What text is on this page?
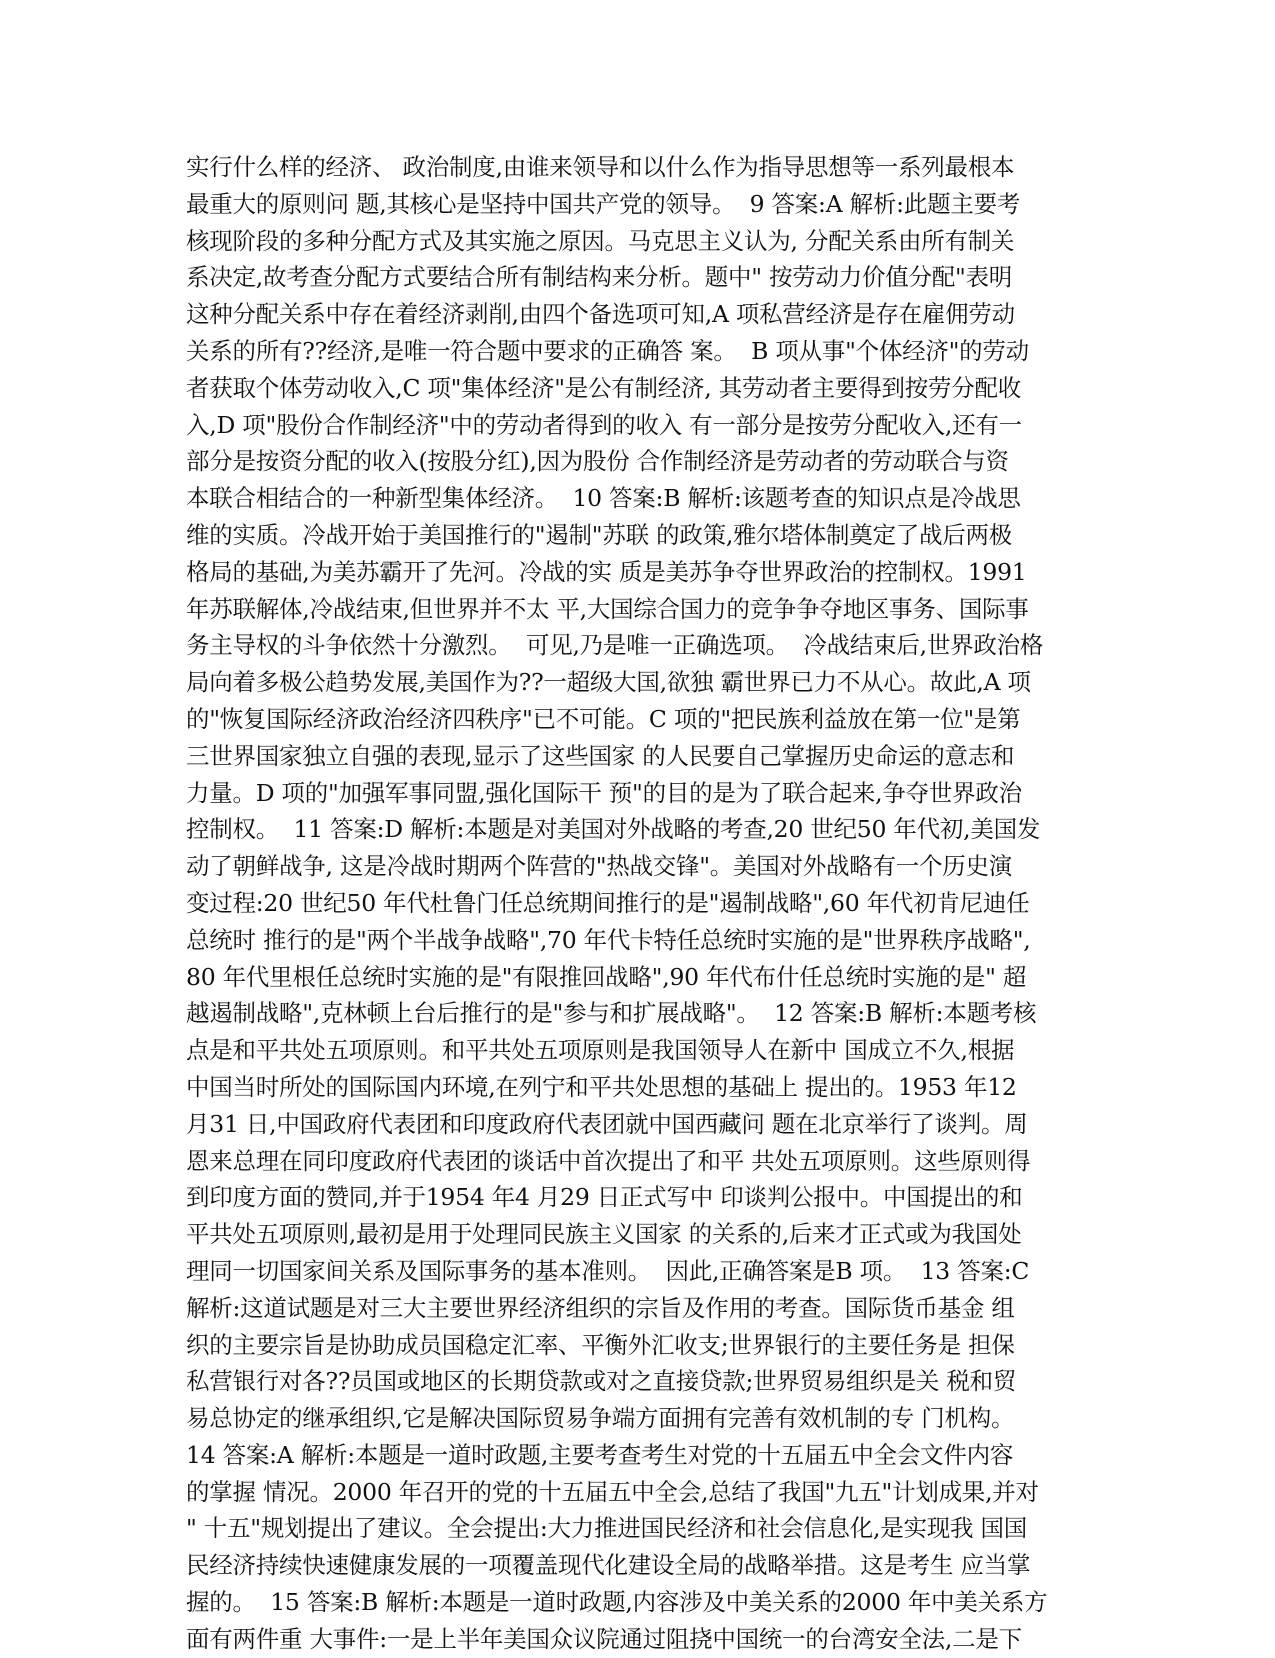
实行什么样的经济、 政治制度,由谁来领导和以什么作为指导思想等一系列最根本
最重大的原则问 题,其核心是坚持中国共产党的领导。  9 答案:A 解析:此题主要考
核现阶段的多种分配方式及其实施之原因。马克思主义认为, 分配关系由所有制关
系决定,故考查分配方式要结合所有制结构来分析。题中" 按劳动力价值分配"表明
这种分配关系中存在着经济剥削,由四个备选项可知,A 项私营经济是存在雇佣劳动
关系的所有??经济,是唯一符合题中要求的正确答 案。  B 项从事"个体经济"的劳动
者获取个体劳动收入,C 项"集体经济"是公有制经济, 其劳动者主要得到按劳分配收
入,D 项"股份合作制经济"中的劳动者得到的收入 有一部分是按劳分配收入,还有一
部分是按资分配的收入(按股分红),因为股份 合作制经济是劳动者的劳动联合与资
本联合相结合的一种新型集体经济。  10 答案:B 解析:该题考查的知识点是冷战思
维的实质。冷战开始于美国推行的"遏制"苏联 的政策,雅尔塔体制奠定了战后两极
格局的基础,为美苏霸开了先河。冷战的实 质是美苏争夺世界政治的控制权。1991
年苏联解体,冷战结束,但世界并不太 平,大国综合国力的竞争争夺地区事务、国际事
务主导权的斗争依然十分激烈。  可见,乃是唯一正确选项。  冷战结束后,世界政治格
局向着多极公趋势发展,美国作为??一超级大国,欲独 霸世界已力不从心。故此,A 项
的"恢复国际经济政治经济四秩序"已不可能。C 项的"把民族利益放在第一位"是第
三世界国家独立自强的表现,显示了这些国家 的人民要自己掌握历史命运的意志和
力量。D 项的"加强军事同盟,强化国际干 预"的目的是为了联合起来,争夺世界政治
控制权。  11 答案:D 解析:本题是对美国对外战略的考查,20 世纪50 年代初,美国发
动了朝鲜战争, 这是冷战时期两个阵营的"热战交锋"。美国对外战略有一个历史演
变过程:20 世纪50 年代杜鲁门任总统期间推行的是"遏制战略",60 年代初肯尼迪任
总统时 推行的是"两个半战争战略",70 年代卡特任总统时实施的是"世界秩序战略",
80 年代里根任总统时实施的是"有限推回战略",90 年代布什任总统时实施的是" 超
越遏制战略",克林顿上台后推行的是"参与和扩展战略"。  12 答案:B 解析:本题考核
点是和平共处五项原则。和平共处五项原则是我国领导人在新中 国成立不久,根据
中国当时所处的国际国内环境,在列宁和平共处思想的基础上 提出的。1953 年12
月31 日,中国政府代表团和印度政府代表团就中国西藏问 题在北京举行了谈判。周
恩来总理在同印度政府代表团的谈话中首次提出了和平 共处五项原则。这些原则得
到印度方面的赞同,并于1954 年4 月29 日正式写中 印谈判公报中。中国提出的和
平共处五项原则,最初是用于处理同民族主义国家 的关系的,后来才正式或为我国处
理同一切国家间关系及国际事务的基本准则。  因此,正确答案是B 项。  13 答案:C
解析:这道试题是对三大主要世界经济组织的宗旨及作用的考查。国际货币基金 组
织的主要宗旨是协助成员国稳定汇率、平衡外汇收支;世界银行的主要任务是 担保
私营银行对各??员国或地区的长期贷款或对之直接贷款;世界贸易组织是关 税和贸
易总协定的继承组织,它是解决国际贸易争端方面拥有完善有效机制的专 门机构。
14 答案:A 解析:本题是一道时政题,主要考查考生对党的十五届五中全会文件内容
的掌握 情况。2000 年召开的党的十五届五中全会,总结了我国"九五"计划成果,并对
" 十五"规划提出了建议。全会提出:大力推进国民经济和社会信息化,是实现我 国国
民经济持续快速健康发展的一项覆盖现代化建设全局的战略举措。这是考生 应当掌
握的。  15 答案:B 解析:本题是一道时政题,内容涉及中美关系的2000 年中美关系方
面有两件重 大事件:一是上半年美国众议院通过阻挠中国统一的台湾安全法,二是下
